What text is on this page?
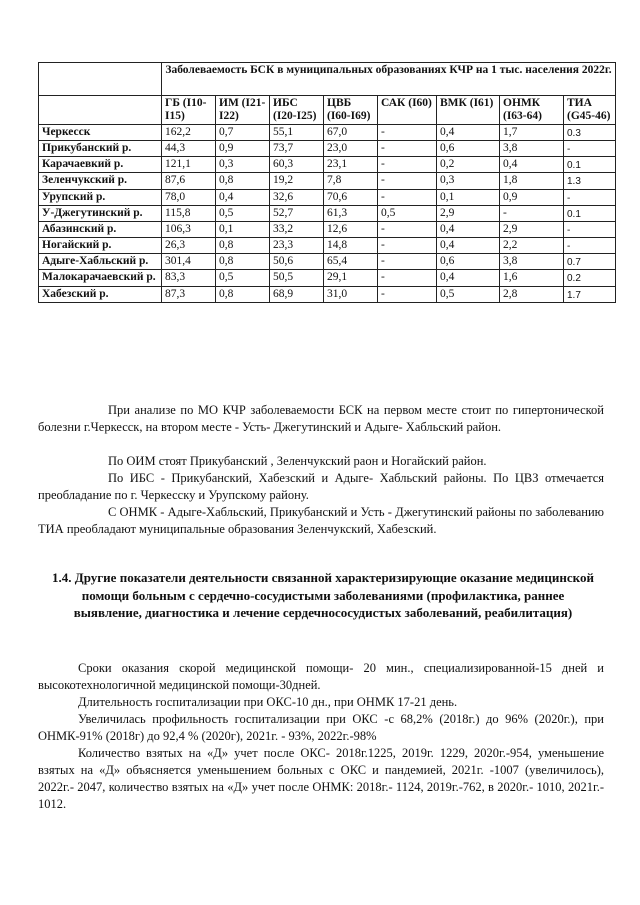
	Заболеваемость БСК в муниципальных образованиях КЧР на 1 тыс. населения 2022г.							
	ГБ (I10-I15)	ИМ (I21-I22)	ИБС (I20-I25)	ЦВБ (I60-I69)	САК (I60)	ВМК (I61)	ОНМК (I63-64)	ТИА (G45-46)
Черкесск	162,2	0,7	55,1	67,0	-	0,4	1,7	0.3
Прикубанский р.	44,3	0,9	73,7	23,0	-	0,6	3,8	-
Карачаевкий р.	121,1	0,3	60,3	23,1	-	0,2	0,4	0.1
Зеленчукский р.	87,6	0,8	19,2	7,8	-	0,3	1,8	1.3
Урупский р.	78,0	0,4	32,6	70,6	-	0,1	0,9	-
У-Джегутинский р.	115,8	0,5	52,7	61,3	0,5	2,9	-	0.1
Абазинский р.	106,3	0,1	33,2	12,6	-	0,4	2,9	-
Ногайский р.	26,3	0,8	23,3	14,8	-	0,4	2,2	-
Адыге-Хабльский р.	301,4	0,8	50,6	65,4	-	0,6	3,8	0.7
Малокарачаевский р.	83,3	0,5	50,5	29,1	-	0,4	1,6	0.2
Хабезский р.	87,3	0,8	68,9	31,0	-	0,5	2,8	1.7

При анализе по МО КЧР заболеваемости БСК на первом месте стоит по гипертонической болезни г.Черкесск, на втором месте - Усть- Джегутинский и Адыге- Хабльский район.

По ОИМ стоят Прикубанский , Зеленчукский раон и Ногайский район.

По ИБС - Прикубанский, Хабезский и Адыге- Хабльский районы. По ЦВЗ отмечается преобладание по г. Черкесску и Урупскому району.

С ОНМК - Адыге-Хабльский, Прикубанский и Усть - Джегутинский районы по заболеванию ТИА преобладают муниципальные образования Зеленчукский, Хабезский.

1.4. Другие показатели деятельности связанной характеризирующие оказание медицинской помощи больным с сердечно-сосудистыми заболеваниями (профилактика, раннее выявление, диагностика и лечение сердечнососудистых заболеваний, реабилитация)

Сроки оказания скорой медицинской помощи- 20 мин., специализированной-15 дней и высокотехнологичной медицинской помощи-30дней.

Длительность госпитализации при ОКС-10 дн., при ОНМК 17-21 день.

Увеличилась профильность госпитализации при ОКС -с 68,2% (2018г.) до 96% (2020г.), при ОНМК-91% (2018г) до 92,4 % (2020г), 2021г. - 93%, 2022г.-98%

Количество взятых на «Д» учет после ОКС- 2018г.1225, 2019г. 1229, 2020г.-954, уменьшение взятых на «Д» объясняется уменьшением больных с ОКС и пандемией, 2021г. -1007 (увеличилось), 2022г.- 2047, количество взятых на «Д» учет после ОНМК: 2018г.- 1124, 2019г.-762, в 2020г.- 1010, 2021г.- 1012.
